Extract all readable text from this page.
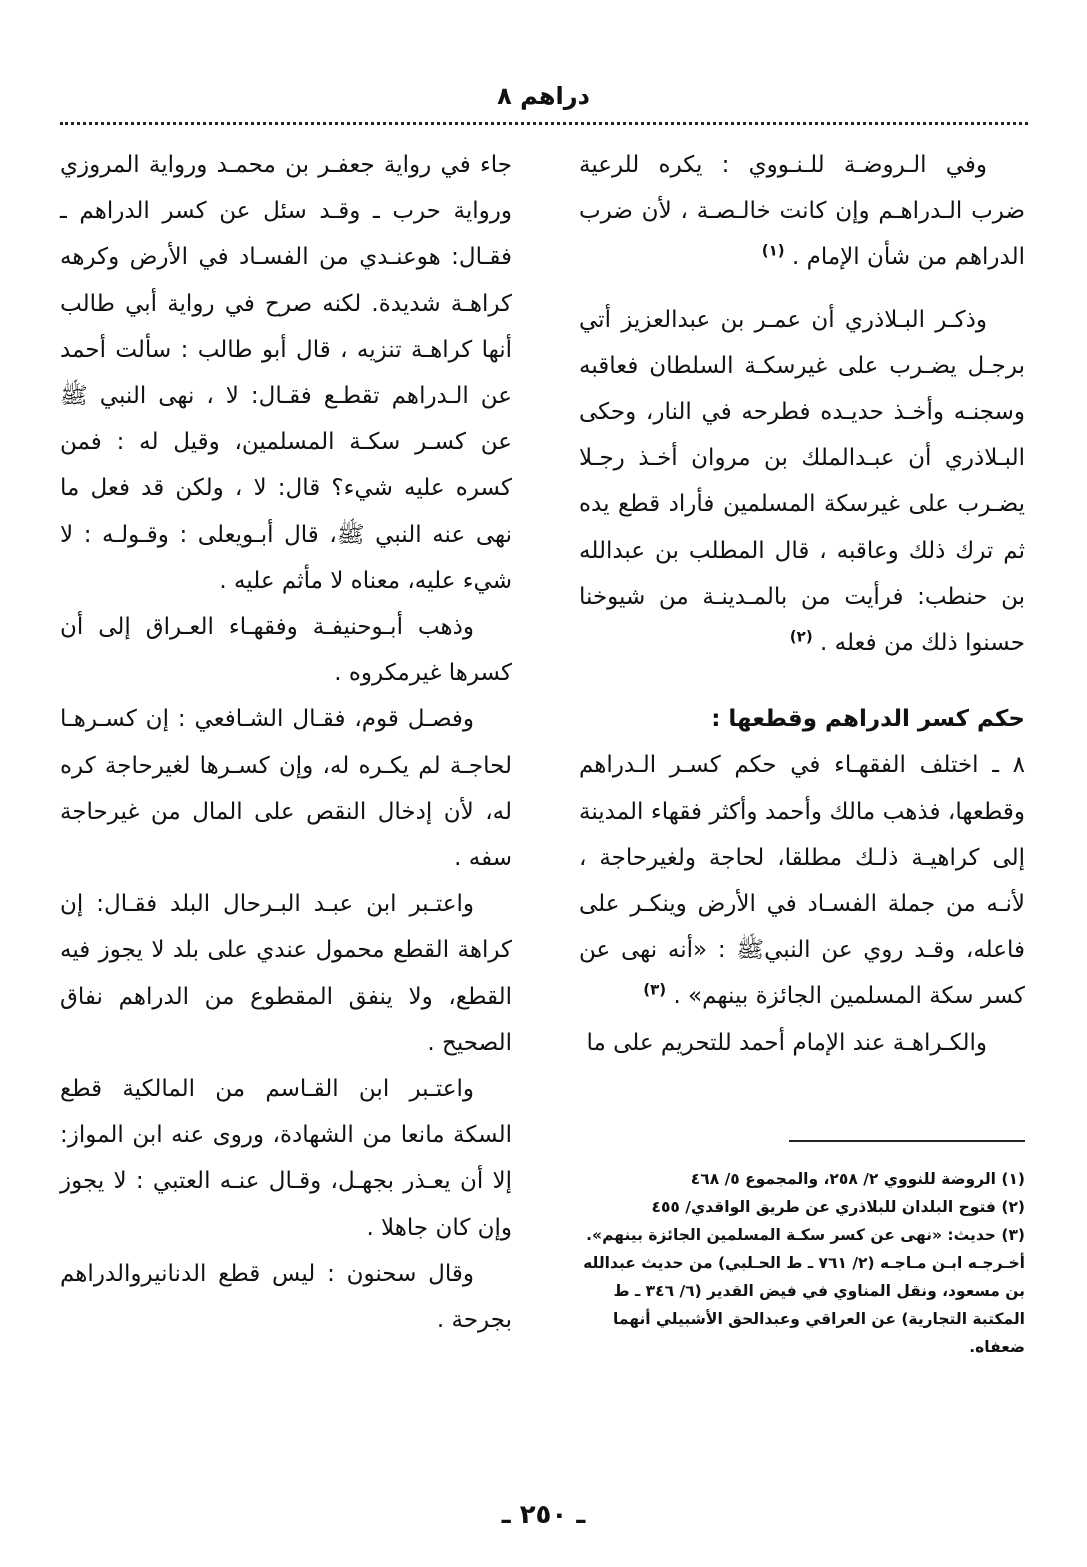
دراهم ٨

وفي الـروضـة للـنـووي : يكره للرعية ضرب الـدراهـم وإن كانت خالـصـة ، لأن ضرب الدراهم من شأن الإمام . $^{(١)}$

وذكـر البـلاذري أن عمـر بن عبدالعزيز أتي برجـل يضـرب على غيرسكـة السلطان فعاقبه وسجنـه وأخـذ حديـده فطرحه في النار، وحكى البـلاذري أن عبـدالملك بن مروان أخـذ رجـلا يضـرب على غيرسكة المسلمين فأراد قطع يده ثم ترك ذلك وعاقبه ، قال المطلب بن عبدالله بن حنطب: فرأيت من بالمـدينـة من شيوخنا حسنوا ذلك من فعله . $^{(٢)}$

حكم كسر الدراهم وقطعها :

٨ ـ اختلف الفقهـاء في حكم كسـر الـدراهم وقطعها، فذهب مالك وأحمد وأكثر فقهاء المدينة إلى كراهيـة ذلـك مطلقا، لحاجة ولغيرحاجة ، لأنـه من جملة الفسـاد في الأرض وينكـر على فاعله، وقـد روي عن النبيﷺ : «أنه نهى عن كسر سكة المسلمين الجائزة بينهم» . $^{(٣)}$

والكـراهـة عند الإمام أحمد للتحريم على ما

جاء في رواية جعفـر بن محمـد ورواية المروزي ورواية حرب ـ وقـد سئل عن كسر الدراهم ـ فقـال: هوعنـدي من الفسـاد في الأرض وكرهه كراهـة شديدة. لكنه صرح في رواية أبي طالب أنها كراهـة تنزيه ، قال أبو طالب : سألت أحمد عن الـدراهم تقطـع فقـال: لا ، نهى النبي ﷺ عن كسـر سكـة المسلمين، وقيل له : فمن كسره عليه شيء؟ قال: لا ، ولكن قد فعل ما نهى عنه النبي ﷺ، قال أبـويعلى : وقـولـه : لا شيء عليه، معناه لا مأثم عليه .

وذهب أبـوحنيفـة وفقهـاء العـراق إلى أن كسرها غيرمكروه .

وفصـل قوم، فقـال الشـافعي : إن كسـرهـا لحاجـة لم يكـره له، وإن كسـرها لغيرحاجة كره له، لأن إدخال النقص على المال من غيرحاجة سفه .

واعتـبر ابن عبـد البـرحال البلد فقـال: إن كراهة القطع محمول عندي على بلد لا يجوز فيه القطع، ولا ينفق المقطوع من الدراهم نفاق الصحيح .

واعتـبر ابن القـاسم من المالكية قطع السكة مانعا من الشهادة، وروى عنه ابن المواز: إلا أن يعـذر بجهـل، وقـال عنـه العتبي : لا يجوز وإن كان جاهلا .

وقال سحنون : ليس قطع الدنانيروالدراهم بجرحة .

(١) الروضة للنووي ٢/ ٢٥٨، والمجموع ٥/ ٤٦٨

(٢) فتوح البلدان للبلاذري عن طريق الواقدي/ ٤٥٥

(٣) حديث: «نهى عن كسر سكـة المسلمين الجائزة بينهم».

أخـرجـه ابـن مـاجـه (٢/ ٧٦١ ـ ط الحـلبي) من حديث عبدالله بن مسعود، ونقل المناوي في فيض القدير (٦/ ٣٤٦ ـ ط المكتبة التجارية) عن العراقي وعبدالحق الأشبيلي أنهما ضعفاه.

ـ ٢٥٠ ـ
